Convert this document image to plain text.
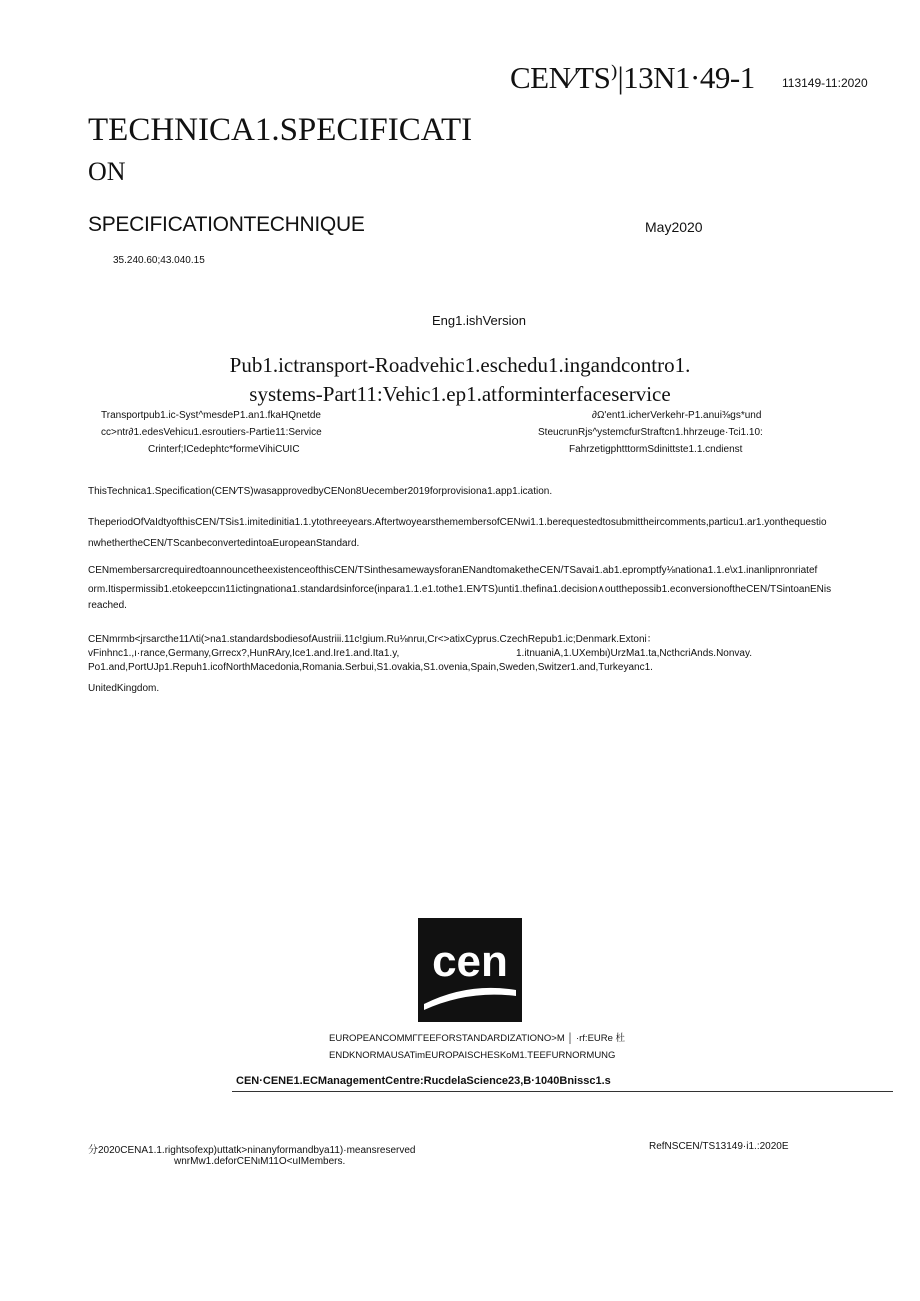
CEN⁄TS⁾|13N1·49-1 113149-11:2020
TECHNICA1.SPECIFICATI
ON
SPECIFICATIONTECHNIQUE	May2020
35.240.60;43.040.15
Eng1.ishVersion
Pub1.ictransport-Roadvehic1.eschedu1.ingandcontro1.
systems-Part11:Vehic1.ep1.atforminterfaceservice
Transportpub1.ic-Syst^mesdeP1.an1.fkaHQnetde
cc>ntr∂1.edesVehicu1.esroutiers-Partie11:Service
Crinterf;ICedephtc*formeVihiCUIC
∂Ω'ent1.icherVerkehr-P1.anui⅜gs*und
SteucrunRjs^ystemcfurStraftcn1.hhrzeuge·Tci1.10:
FahrzetigphtttormSdinittste1.1.cndienst
ThisTechnica1.Specification(CEN⁄TS)wasapprovedbyCENon8Uecember2019forprovisiona1.app1.ication.
TheperiodOfVaIdtyofthisCEN/TSis1.imitedinitia1.1.ytothreeyears.AftertwoyearsthemembersofCENwi1.1.berequestedtosubmittheircomments,particu1.ar1.yonthequestio
nwhethertheCEN/TScanbeconvertedintoaEuropeanStandard.
CENmembersarcrequiredtoannouncetheexistenceofthisCEN/TSinthesamewaysforanENandtomaketheCEN/TSavai1.ab1.epromptfy⅛nationa1.1.e\x1.inanlipnronriatef
orm.Itispermissib1.etokeepccιn11ictingnationa1.standardsinforce(inpara1.1.e1.tothe1.EN⁄TS)unti1.thefina1.decision∧outthepossib1.econversionoftheCEN/TSintoanENis
reached.
CENmrmb<jrsarcthe11Λti(>na1.standardsbodiesofAustriii.11c!gium.Ru⅛nruι,Cr<>atixCyprus.CzechRepub1.ic;Denmark.Extoni：
vFinhnc1.,ı·rance,Germany,Grrecx?,HunRAry,Ice1.and.Ire1.and.Ita1.y,	1.itnuaniA,1.UXembι)UrzMa1.ta,NcthcriAnds.Nonvay.
Po1.and,PortUJp1.Repuh1.icofNorthMacedonia,Romania.Serbui,S1.ovakia,S1.ovenia,Spain,Sweden,Switzer1.and,Turkeyanc1.
UnitedKingdom.
cen
EUROPEANCOMMΓΓEEFORSTANDARDIZATIONO>M │ ·rf:EURe 杜
ENDKNORMAUSATimEUROPAISCHESKoM1.TEEFURNORMUNG
CEN·CENE1.ECManagementCentre:RucdelaScience23,B·1040Bnissc1.s
分2020CENA1.1.rightsofexp)uttatk>ninanyformandbya11)·meansreserved
wnrMw1.deforCENιM11O<uIMembers.
RefNSCEN/TS13149·i1.:2020E
